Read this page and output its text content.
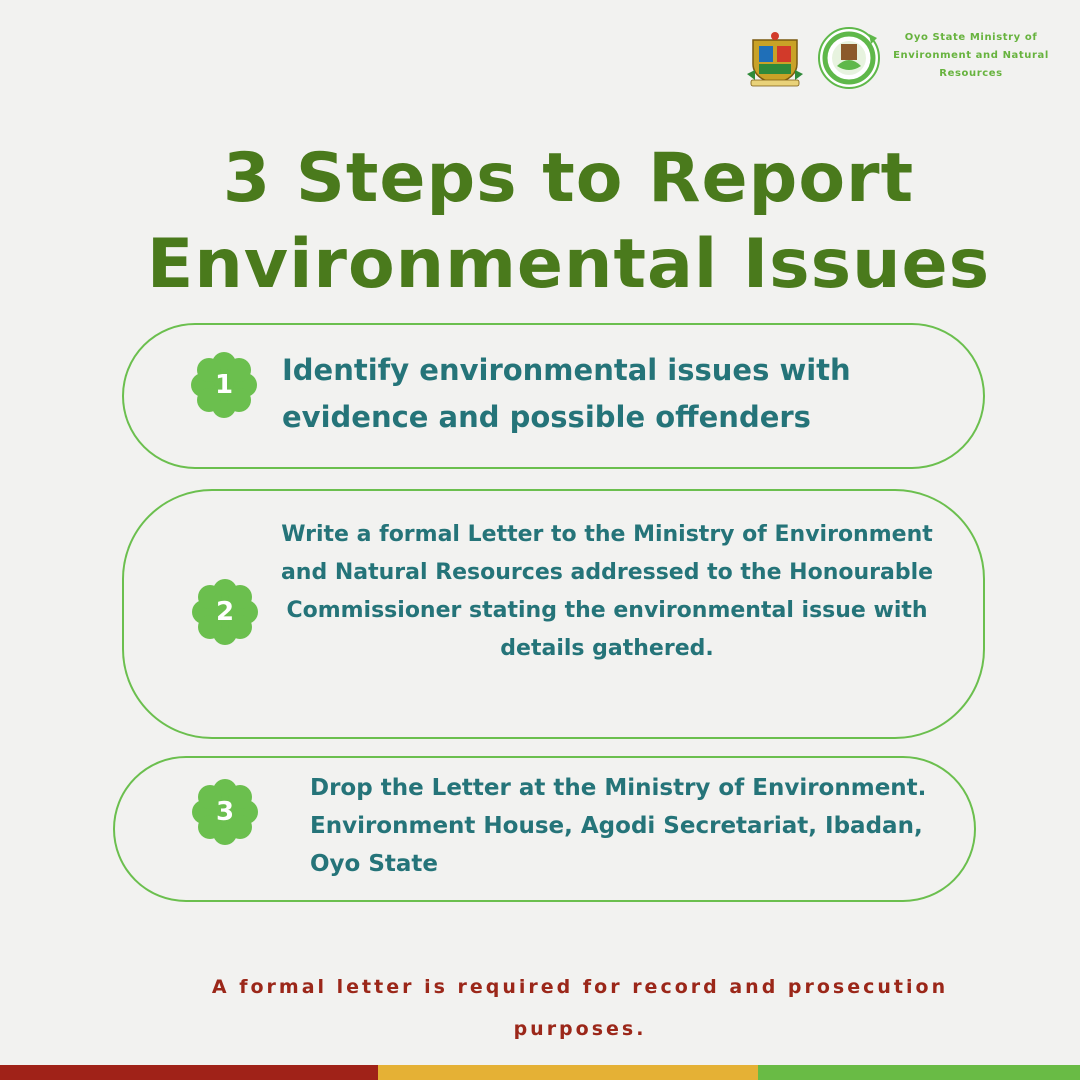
Oyo State Ministry of Environment and Natural Resources
3 Steps to Report Environmental Issues
1
2
3
Identify environmental issues with evidence and possible offenders
Write a formal Letter to the Ministry of Environment and Natural Resources addressed to the Honourable Commissioner stating the environmental issue with details gathered.
Drop the Letter at the Ministry of Environment. Environment House, Agodi Secretariat, Ibadan, Oyo State
A formal letter is required for record and prosecution purposes.
